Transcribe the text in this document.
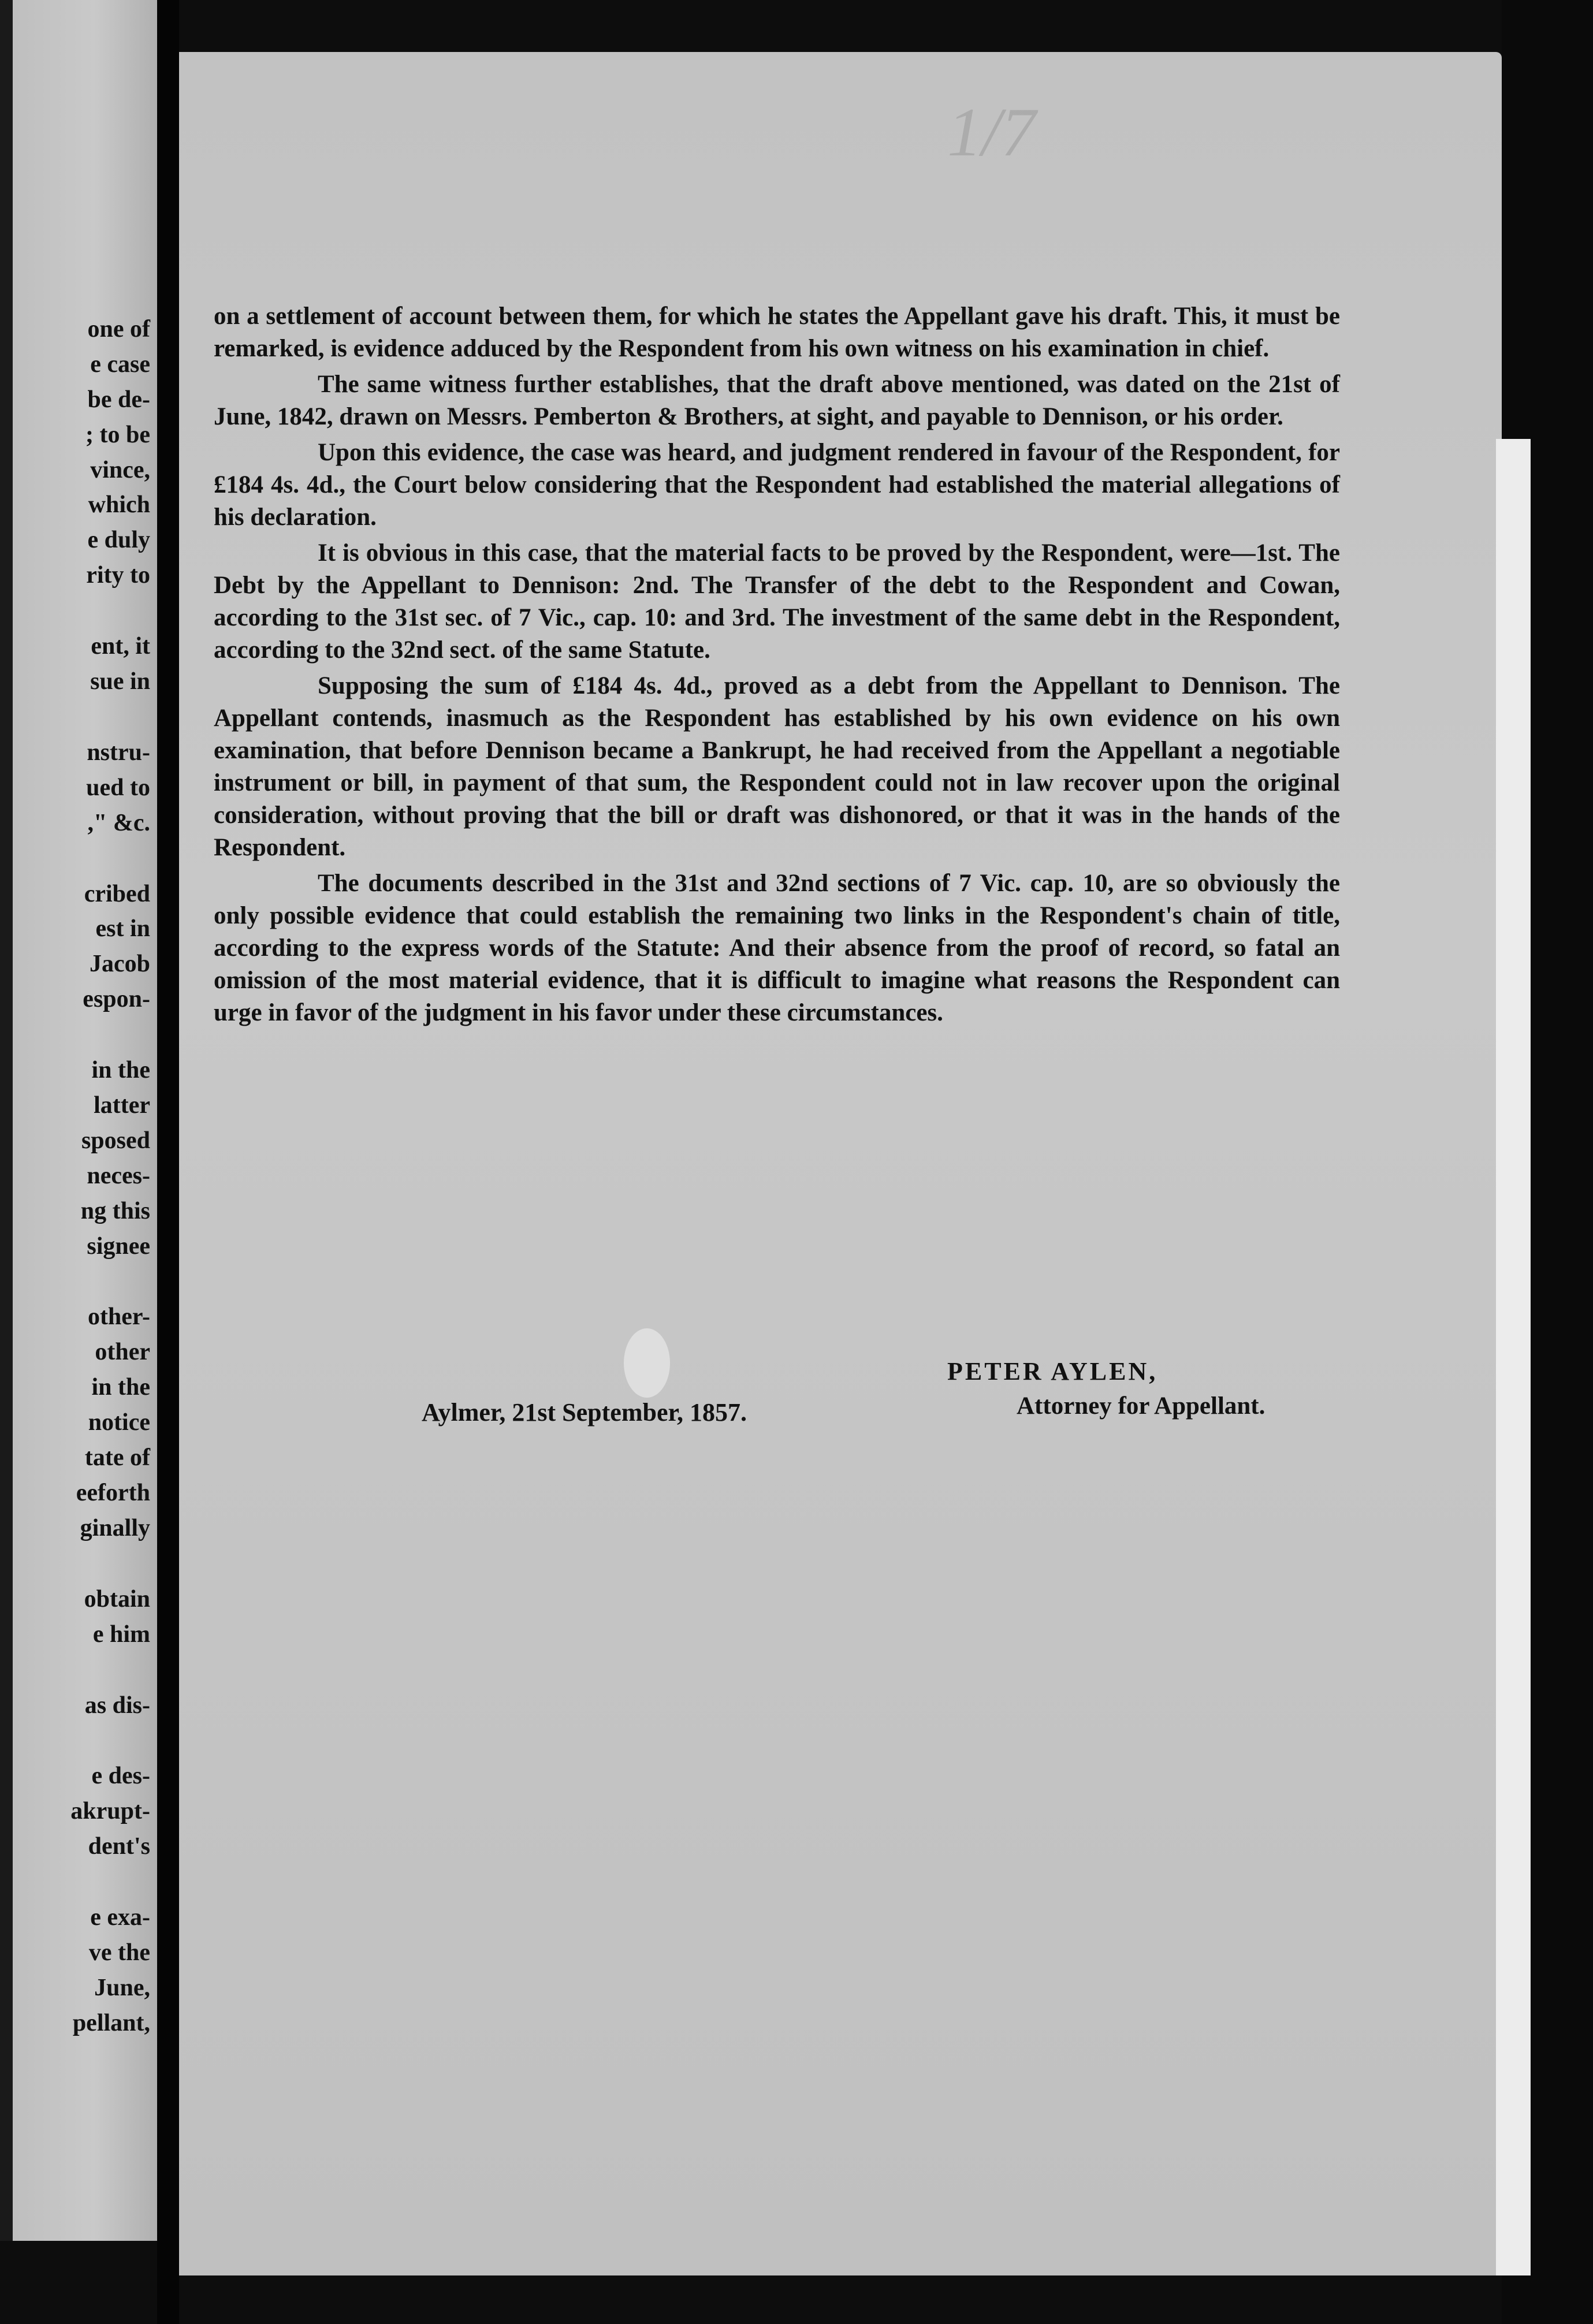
one of
e case
be de-
; to be
vince,
which
e duly
rity to
ent, it
sue in
nstru-
ued to
," &c.
cribed
est in
Jacob
espon-
in the
latter
sposed
neces-
ng this
signee
other-
other
in the
notice
tate of
eeforth
ginally
obtain
e him
as dis-
e des-
akrupt-
dent's
e exa-
ve the
June,
pellant,
1/7

on a settlement of account between them, for which he states the Appellant gave his draft. This, it must be remarked, is evidence adduced by the Respondent from his own witness on his examination in chief.

The same witness further establishes, that the draft above mentioned, was dated on the 21st of June, 1842, drawn on Messrs. Pemberton & Brothers, at sight, and payable to Dennison, or his order.

Upon this evidence, the case was heard, and judgment rendered in favour of the Respondent, for £184 4s. 4d., the Court below considering that the Respondent had established the material allegations of his declaration.

It is obvious in this case, that the material facts to be proved by the Respondent, were—1st. The Debt by the Appellant to Dennison: 2nd. The Transfer of the debt to the Respondent and Cowan, according to the 31st sec. of 7 Vic., cap. 10: and 3rd. The investment of the same debt in the Respondent, according to the 32nd sect. of the same Statute.

Supposing the sum of £184 4s. 4d., proved as a debt from the Appellant to Dennison. The Appellant contends, inasmuch as the Respondent has established by his own evidence on his own examination, that before Dennison became a Bankrupt, he had received from the Appellant a negotiable instrument or bill, in payment of that sum, the Respondent could not in law recover upon the original consideration, without proving that the bill or draft was dishonored, or that it was in the hands of the Respondent.

The documents described in the 31st and 32nd sections of 7 Vic. cap. 10, are so obviously the only possible evidence that could establish the remaining two links in the Respondent's chain of title, according to the express words of the Statute: And their absence from the proof of record, so fatal an omission of the most material evidence, that it is difficult to imagine what reasons the Respondent can urge in favor of the judgment in his favor under these circumstances.

PETER AYLEN,
Attorney for Appellant.
Aylmer, 21st September, 1857.
